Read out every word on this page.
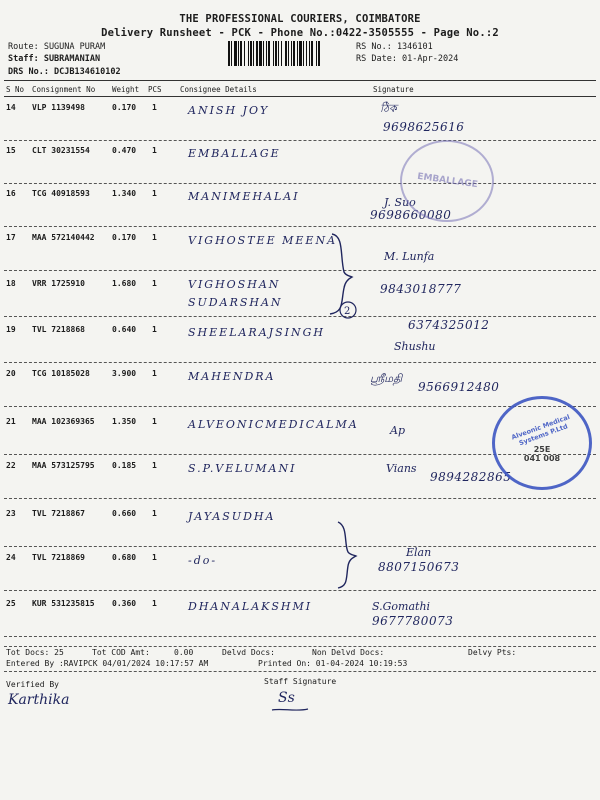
THE PROFESSIONAL COURIERS, COIMBATORE
Delivery Runsheet - PCK - Phone No.:0422-3505555 - Page No.:2
Route: SUGUNA PURAM
Staff: SUBRAMANIAN
DRS No.: DCJB134610102
RS No.: 1346101
RS Date: 01-Apr-2024
S No Consignment No Weight PCS Consignee Details	Signature
14 VLP 1139498	0.170 1	ANISH JOY	ঠিক
9698625616
15 CLT 30231554	0.470 1	EMBALLAGE
16 TCG 40918593	1.340 1	MANIMEHALAI	J. Suo
9698660080
17 MAA 572140442 0.170 1	VIGHOSTEE MEENA
M. Lunfa
18 VRR 1725910	1.680 1	VIGHOSHAN SUDARSHAN
9843018777
19 TVL 7218868	0.640 1	SHEELARAJSINGH
Shushu
6374325012
20 TCG 10185028	3.900 1	MAHENDRA	ஸ்ரீமதி
9566912480
21 MAA 102369365 1.350 1	ALVEONICMEDICALMA	Ap
22 MAA 573125795 0.185 1	S.P.VELUMANI	Vians
9894282865
23 TVL 7218867	0.660 1	JAYASUDHA
24 TVL 7218869	0.680 1	-do-
Elan
8807150673
25 KUR 531235815 0.360 1	DHANALAKSHMI	S.Gomathi
9677780073
2
EMBALLAGE
Alveonic Medical Systems P.Ltd
25E
041 008
Tot Docs: 25	Tot COD Amt:	0.00	Delvd Docs:	Non Delvd Docs:	Delvy Pts:
Entered By :RAVIPCK 04/01/2024 10:17:57 AM	Printed On: 01-04-2024 10:19:53
Verified By
Karthika
Staff Signature
Ss
